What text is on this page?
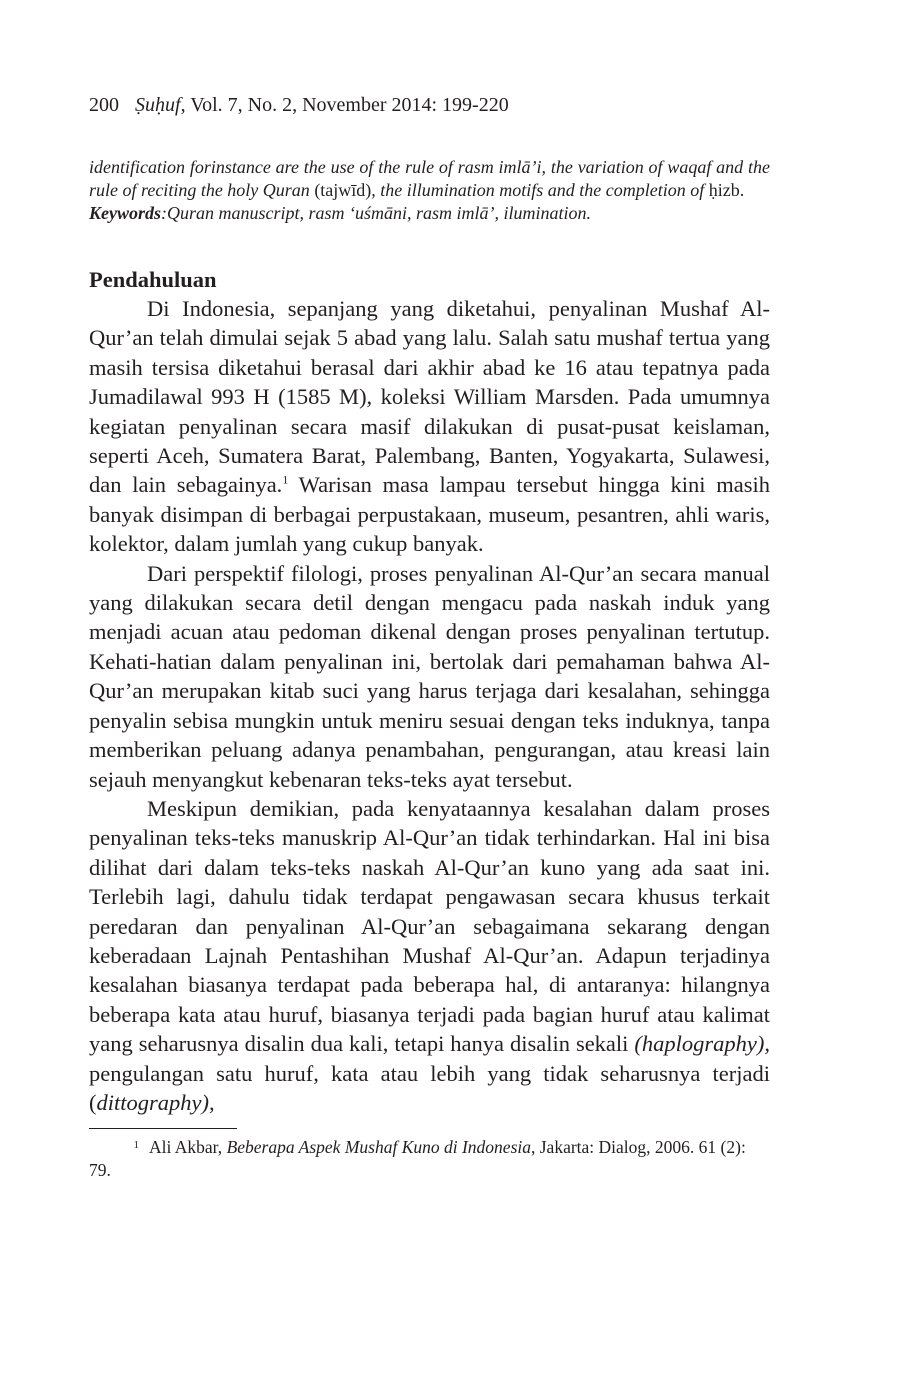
200 Ṣuḥuf, Vol. 7, No. 2, November 2014: 199-220
identification forinstance are the use of the rule of rasm imlā’i, the variation of waqaf and the rule of reciting the holy Quran (tajwīd), the illumination motifs and the completion of ḥizb.
Keywords:Quran manuscript, rasm ‘uśmāni, rasm imlā’, ilumination.
Pendahuluan

Di Indonesia, sepanjang yang diketahui, penyalinan Mushaf Al-Qur’an telah dimulai sejak 5 abad yang lalu. Salah satu mushaf tertua yang masih tersisa diketahui berasal dari akhir abad ke 16 atau tepatnya pada Jumadilawal 993 H (1585 M), koleksi William Marsden. Pada umumnya kegiatan penyalinan secara masif dilakukan di pusat-pusat keislaman, seperti Aceh, Sumatera Barat, Palembang, Banten, Yogyakarta, Sulawesi, dan lain sebagainya.$^1$ Warisan masa lampau tersebut hingga kini masih banyak disimpan di berbagai perpustakaan, museum, pesantren, ahli waris, kolektor, dalam jumlah yang cukup banyak.

Dari perspektif filologi, proses penyalinan Al-Qur’an secara manual yang dilakukan secara detil dengan mengacu pada naskah induk yang menjadi acuan atau pedoman dikenal dengan proses penyalinan tertutup. Kehati-hatian dalam penyalinan ini, bertolak dari pemahaman bahwa Al-Qur’an merupakan kitab suci yang harus terjaga dari kesalahan, sehingga penyalin sebisa mungkin untuk meniru sesuai dengan teks induknya, tanpa memberikan peluang adanya penambahan, pengurangan, atau kreasi lain sejauh menyangkut kebenaran teks-teks ayat tersebut.

Meskipun demikian, pada kenyataannya kesalahan dalam proses penyalinan teks-teks manuskrip Al-Qur’an tidak terhindarkan. Hal ini bisa dilihat dari dalam teks-teks naskah Al-Qur’an kuno yang ada saat ini. Terlebih lagi, dahulu tidak terdapat pengawasan secara khusus terkait peredaran dan penyalinan Al-Qur’an sebagaimana sekarang dengan keberadaan Lajnah Pentashihan Mushaf Al-Qur’an. Adapun terjadinya kesalahan biasanya terdapat pada beberapa hal, di antaranya: hilangnya beberapa kata atau huruf, biasanya terjadi pada bagian huruf atau kalimat yang seharusnya disalin dua kali, tetapi hanya disalin sekali (haplography), pengulangan satu huruf, kata atau lebih yang tidak seharusnya terjadi (dittography),

1 Ali Akbar, Beberapa Aspek Mushaf Kuno di Indonesia, Jakarta: Dialog, 2006. 61 (2): 79.
